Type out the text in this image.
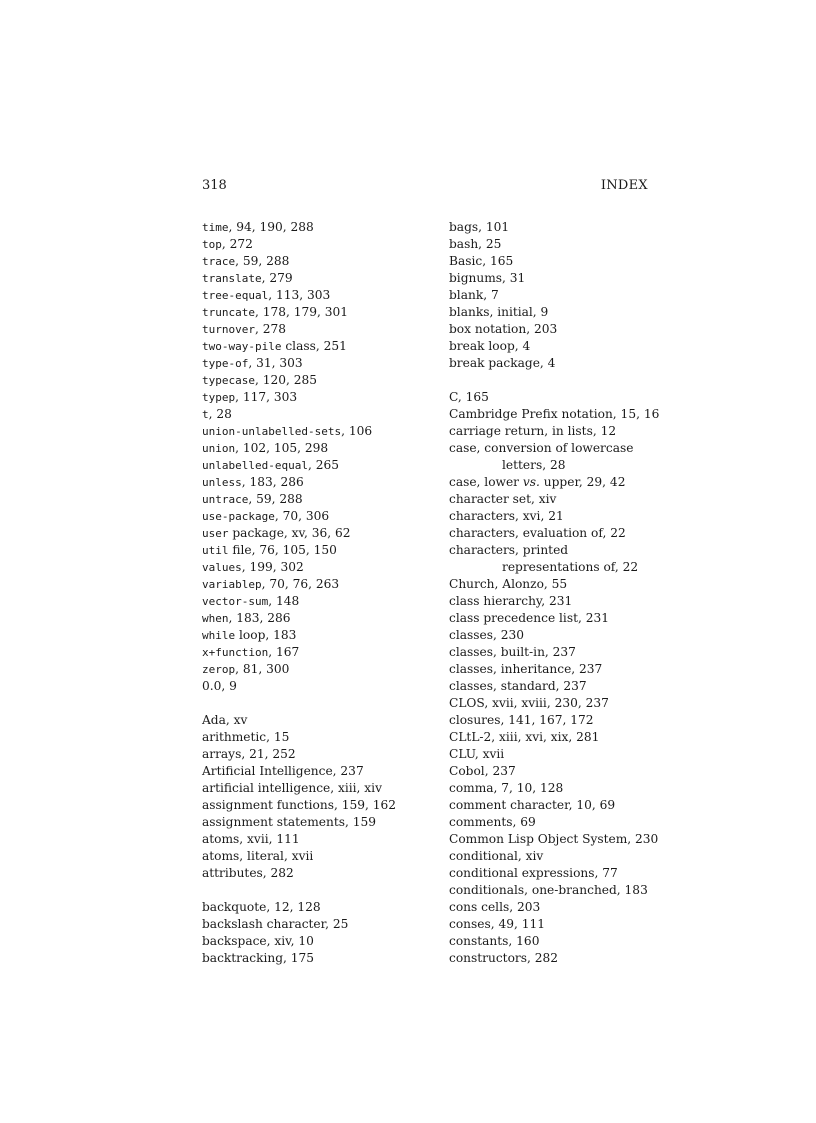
318	INDEX
time, 94, 190, 288
top, 272
trace, 59, 288
translate, 279
tree-equal, 113, 303
truncate, 178, 179, 301
turnover, 278
two-way-pile class, 251
type-of, 31, 303
typecase, 120, 285
typep, 117, 303
t, 28
union-unlabelled-sets, 106
union, 102, 105, 298
unlabelled-equal, 265
unless, 183, 286
untrace, 59, 288
use-package, 70, 306
user package, xv, 36, 62
util file, 76, 105, 150
values, 199, 302
variablep, 70, 76, 263
vector-sum, 148
when, 183, 286
while loop, 183
x+function, 167
zerop, 81, 300
0.0, 9
Ada, xv
arithmetic, 15
arrays, 21, 252
Artificial Intelligence, 237
artificial intelligence, xiii, xiv
assignment functions, 159, 162
assignment statements, 159
atoms, xvii, 111
atoms, literal, xvii
attributes, 282
backquote, 12, 128
backslash character, 25
backspace, xiv, 10
backtracking, 175
bags, 101
bash, 25
Basic, 165
bignums, 31
blank, 7
blanks, initial, 9
box notation, 203
break loop, 4
break package, 4
C, 165
Cambridge Prefix notation, 15, 16
carriage return, in lists, 12
case, conversion of lowercase letters, 28
case, lower vs. upper, 29, 42
character set, xiv
characters, xvi, 21
characters, evaluation of, 22
characters, printed representations of, 22
Church, Alonzo, 55
class hierarchy, 231
class precedence list, 231
classes, 230
classes, built-in, 237
classes, inheritance, 237
classes, standard, 237
CLOS, xvii, xviii, 230, 237
closures, 141, 167, 172
CLtL-2, xiii, xvi, xix, 281
CLU, xvii
Cobol, 237
comma, 7, 10, 128
comment character, 10, 69
comments, 69
Common Lisp Object System, 230
conditional, xiv
conditional expressions, 77
conditionals, one-branched, 183
cons cells, 203
conses, 49, 111
constants, 160
constructors, 282
